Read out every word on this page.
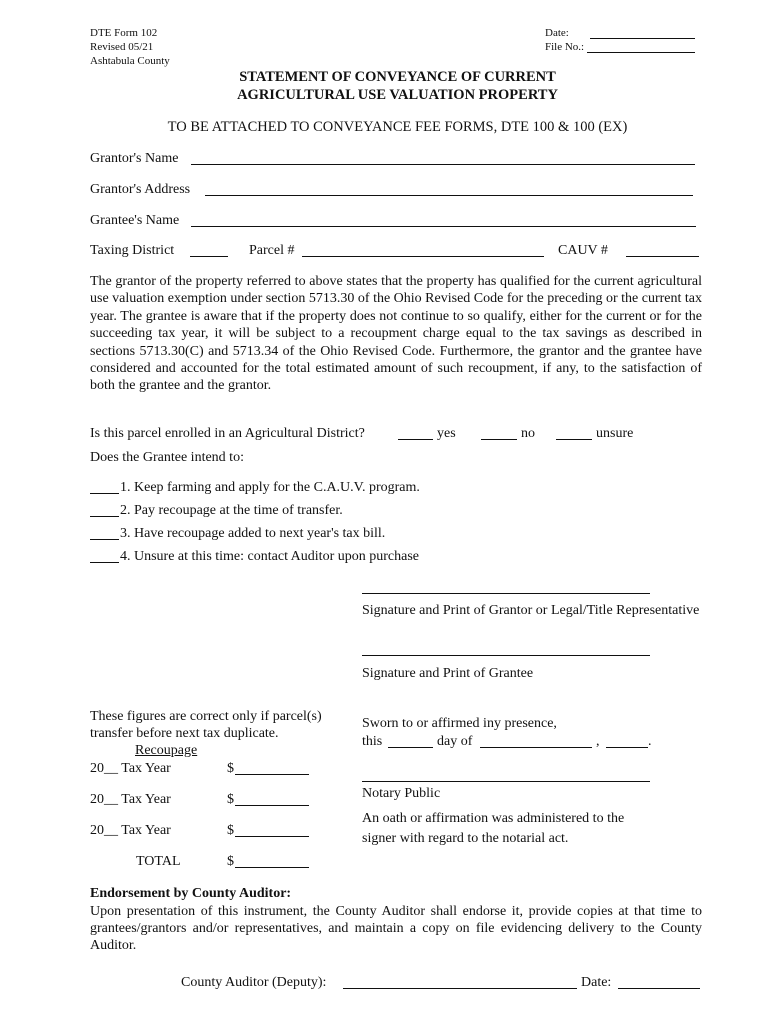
DTE Form 102
Revised 05/21
Ashtabula County
Date:
File No.:
STATEMENT OF CONVEYANCE OF CURRENT
AGRICULTURAL USE VALUATION PROPERTY
TO BE ATTACHED TO CONVEYANCE FEE FORMS, DTE 100 & 100 (EX)
Grantor's Name
Grantor's Address
Grantee's Name
Taxing District	Parcel #	CAUV #
The grantor of the property referred to above states that the property has qualified for the current agricultural use valuation exemption under section 5713.30 of the Ohio Revised Code for the preceding or the current tax year. The grantee is aware that if the property does not continue to so qualify, either for the current or for the succeeding tax year, it will be subject to a recoupment charge equal to the tax savings as described in sections 5713.30(C) and 5713.34 of the Ohio Revised Code. Furthermore, the grantor and the grantee have considered and accounted for the total estimated amount of such recoupment, if any, to the satisfaction of both the grantee and the grantor.
Is this parcel enrolled in an Agricultural District?	yes	no	unsure
Does the Grantee intend to:
1. Keep farming and apply for the C.A.U.V. program.
2. Pay recoupage at the time of transfer.
3. Have recoupage added to next year's tax bill.
4. Unsure at this time: contact Auditor upon purchase
Signature and Print of Grantor or Legal/Title Representative
Signature and Print of Grantee
These figures are correct only if parcel(s)
transfer before next tax duplicate.
Recoupage
20__ Tax Year	$
20__ Tax Year	$
20__ Tax Year	$
TOTAL	$
Sworn to or affirmed iny presence,
this	day of	,	.
Notary Public
An oath or affirmation was administered to the
signer with regard to the notarial act.
Endorsement by County Auditor:
Upon presentation of this instrument, the County Auditor shall endorse it, provide copies at that time to grantees/grantors and/or representatives, and maintain a copy on file evidencing delivery to the County Auditor.
County Auditor (Deputy):	Date:
